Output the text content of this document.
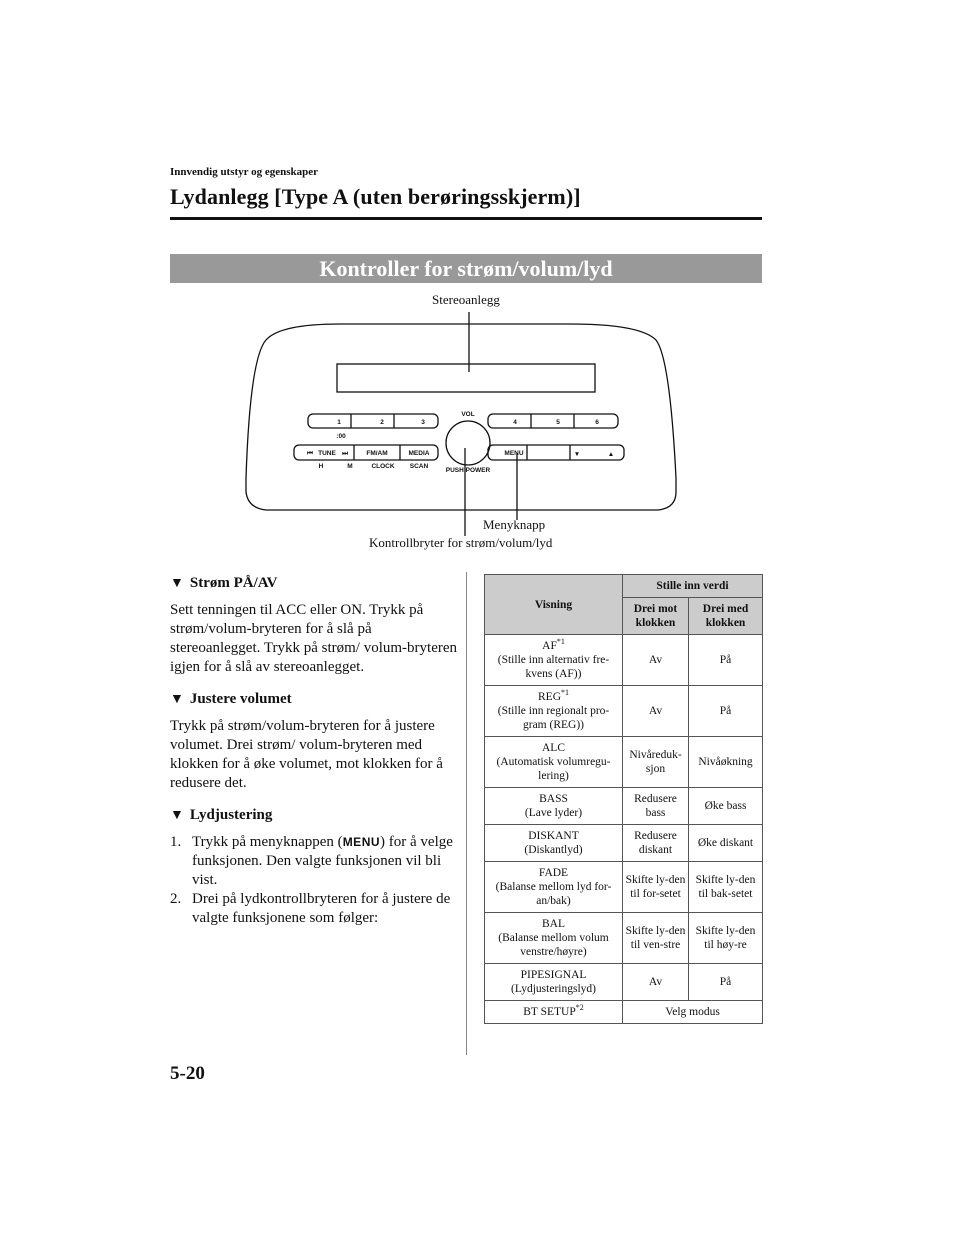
Innvendig utstyr og egenskaper
Lydanlegg [Type A (uten berøringsskjerm)]
Kontroller for strøm/volum/lyd
1	2	3	4	5	6
:00
VOL
TUNE
⏮	⏭	FM/AM	MEDIA	MENU	▼	▲
H	M	CLOCK SCAN
PUSH POWER
Stereoanlegg
Menyknapp
Kontrollbryter for strøm/volum/lyd
▼ Strøm PÅ/AV

Sett tenningen til ACC eller ON. Trykk på strøm/volum-bryteren for å slå på stereoanlegget. Trykk på strøm/ volum-bryteren igjen for å slå av stereoanlegget.

▼ Justere volumet

Trykk på strøm/volum-bryteren for å justere volumet. Drei strøm/ volum-bryteren med klokken for å øke volumet, mot klokken for å redusere det.

▼ Lydjustering
1. Trykk på menyknappen (MENU) for å velge funksjonen. Den valgte funksjonen vil bli vist.
2. Drei på lydkontrollbryteren for å justere de valgte funksjonene som følger:
Visning	Stille inn verdi	
	Drei mot klokken	Drei med klokken

AF$^{*1}$
(Stille inn alternativ fre-kvens (AF))	Av	På

REG$^{*1}$
(Stille inn regionalt pro-gram (REG))	Av	På

ALC
(Automatisk volumregu-lering)	Nivåreduk-sjon	Nivåøkning

BASS
(Lave lyder)	Redusere bass	Øke bass

DISKANT
(Diskantlyd)	Redusere diskant	Øke diskant

FADE
(Balanse mellom lyd for-an/bak)	Skifte ly-den til for-setet	Skifte ly-den til bak-setet

BAL
(Balanse mellom volum venstre/høyre)	Skifte ly-den til ven-stre	Skifte ly-den til høy-re

PIPESIGNAL
(Lydjusteringslyd)	Av	På
BT SETUP$^{*2}$	Velg modus	
5-20
